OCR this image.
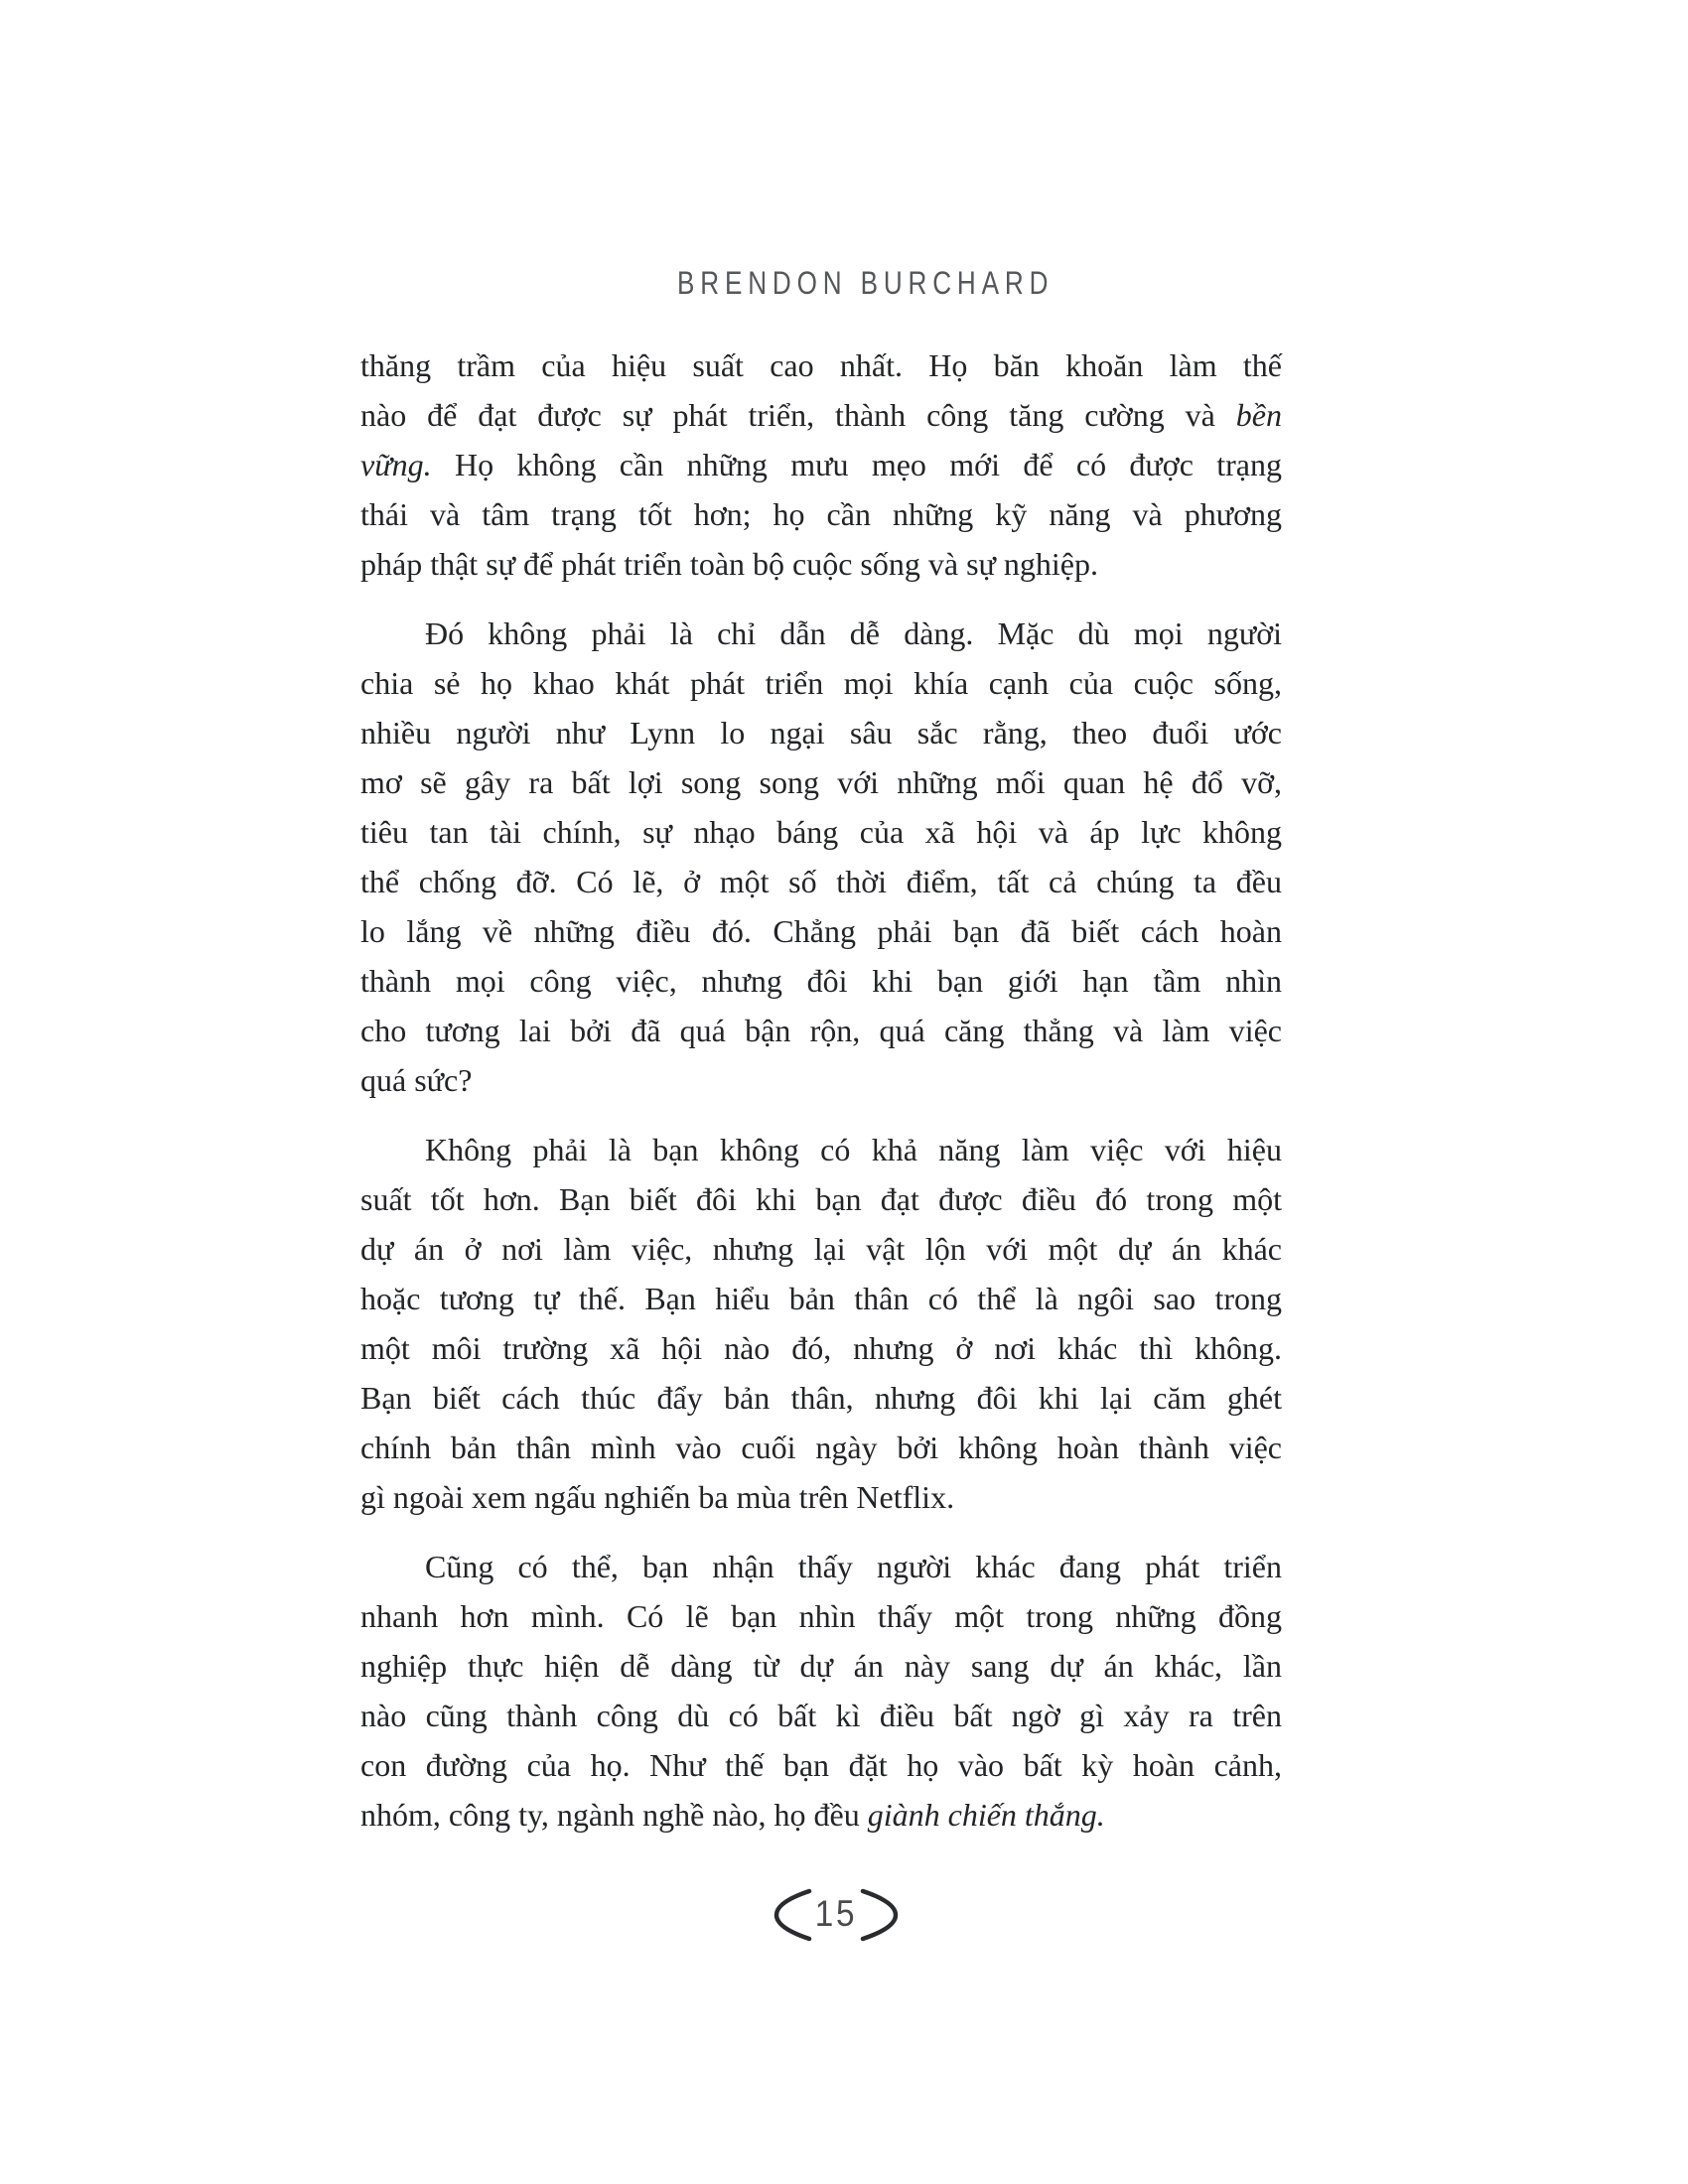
BRENDON BURCHARD
thăng trầm của hiệu suất cao nhất. Họ băn khoăn làm thế
nào để đạt được sự phát triển, thành công tăng cường và bền
vững. Họ không cần những mưu mẹo mới để có được trạng
thái và tâm trạng tốt hơn; họ cần những kỹ năng và phương
pháp thật sự để phát triển toàn bộ cuộc sống và sự nghiệp.
Đó không phải là chỉ dẫn dễ dàng. Mặc dù mọi người
chia sẻ họ khao khát phát triển mọi khía cạnh của cuộc sống,
nhiều người như Lynn lo ngại sâu sắc rằng, theo đuổi ước
mơ sẽ gây ra bất lợi song song với những mối quan hệ đổ vỡ,
tiêu tan tài chính, sự nhạo báng của xã hội và áp lực không
thể chống đỡ. Có lẽ, ở một số thời điểm, tất cả chúng ta đều
lo lắng về những điều đó. Chẳng phải bạn đã biết cách hoàn
thành mọi công việc, nhưng đôi khi bạn giới hạn tầm nhìn
cho tương lai bởi đã quá bận rộn, quá căng thẳng và làm việc
quá sức?
Không phải là bạn không có khả năng làm việc với hiệu
suất tốt hơn. Bạn biết đôi khi bạn đạt được điều đó trong một
dự án ở nơi làm việc, nhưng lại vật lộn với một dự án khác
hoặc tương tự thế. Bạn hiểu bản thân có thể là ngôi sao trong
một môi trường xã hội nào đó, nhưng ở nơi khác thì không.
Bạn biết cách thúc đẩy bản thân, nhưng đôi khi lại căm ghét
chính bản thân mình vào cuối ngày bởi không hoàn thành việc
gì ngoài xem ngấu nghiến ba mùa trên Netflix.
Cũng có thể, bạn nhận thấy người khác đang phát triển
nhanh hơn mình. Có lẽ bạn nhìn thấy một trong những đồng
nghiệp thực hiện dễ dàng từ dự án này sang dự án khác, lần
nào cũng thành công dù có bất kì điều bất ngờ gì xảy ra trên
con đường của họ. Như thế bạn đặt họ vào bất kỳ hoàn cảnh,
nhóm, công ty, ngành nghề nào, họ đều giành chiến thắng.
15
